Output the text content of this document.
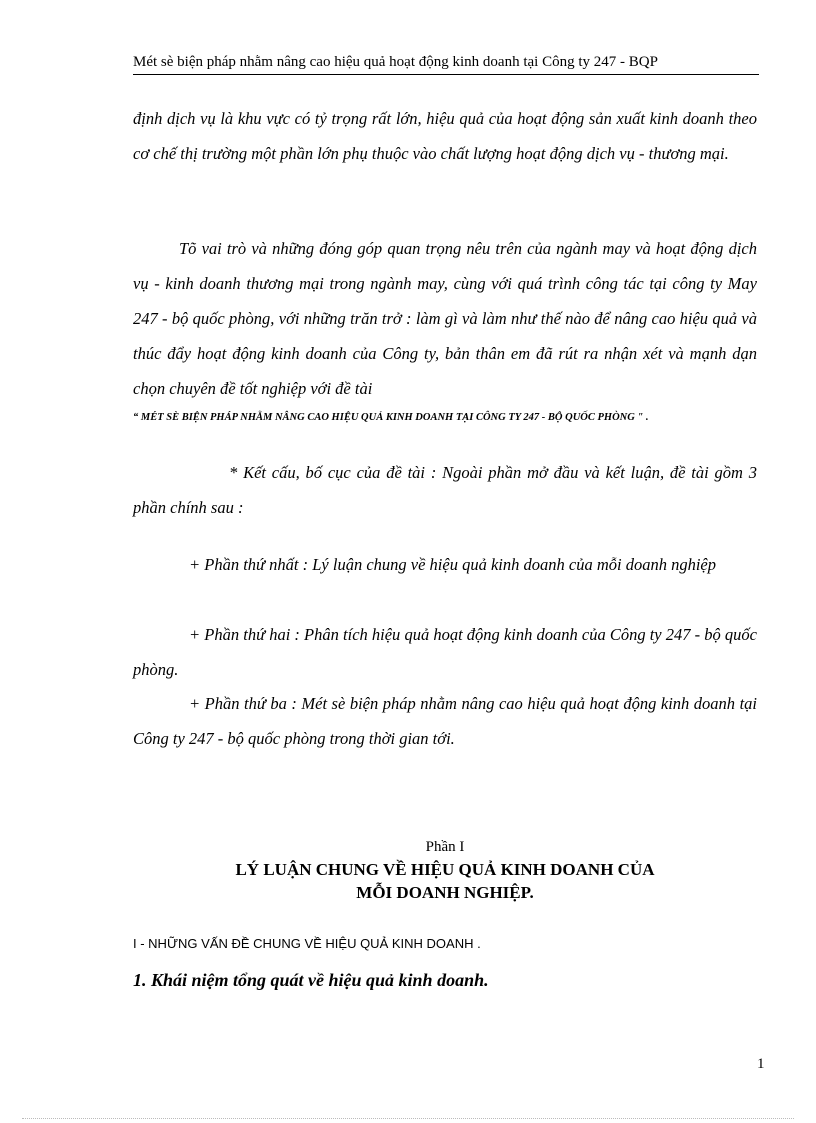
Mét sè biện pháp nhằm nâng cao hiệu quả hoạt động kinh doanh tại Công ty 247 - BQP

định dịch vụ là khu vực có tỷ trọng rất lớn, hiệu quả của hoạt động sản xuất kinh doanh theo cơ chế thị trường một phần lớn phụ thuộc vào chất lượng hoạt động dịch vụ - thương mại.

Tõ vai trò và những đóng góp quan trọng nêu trên của ngành may và hoạt động dịch vụ - kinh doanh thương mại trong ngành may, cùng với quá trình công tác tại công ty May 247 - bộ quốc phòng, với những trăn trở : làm gì và làm như thế nào để nâng cao hiệu quả và thúc đẩy hoạt động kinh doanh của Công ty, bản thân em đã rút ra nhận xét và mạnh dạn chọn chuyên đề tốt nghiệp với đề tài

“ MÉT SÈ BIỆN PHÁP NHẰM NÂNG CAO HIỆU QUẢ KINH DOANH TẠI CÔNG TY 247 - BỘ QUỐC PHÒNG " .

* Kết cấu, bố cục của đề tài : Ngoài phần mở đầu và kết luận, đề tài gồm 3 phần chính sau :

+ Phần thứ nhất : Lý luận chung về hiệu quả kinh doanh của mỗi doanh nghiệp

+ Phần thứ hai : Phân tích hiệu quả hoạt động kinh doanh của Công ty 247 - bộ quốc phòng.

+ Phần thứ ba : Mét sè biện pháp nhằm nâng cao hiệu quả hoạt động kinh doanh tại Công ty 247 - bộ quốc phòng trong thời gian tới.

Phần I

LÝ LUẬN CHUNG VỀ HIỆU QUẢ KINH DOANH CỦA

MỖI DOANH NGHIỆP.

I - NHỮNG VẤN ĐỀ CHUNG VỀ HIỆU QUẢ KINH DOANH .

1. Khái niệm tổng quát về hiệu quả kinh doanh.

1
